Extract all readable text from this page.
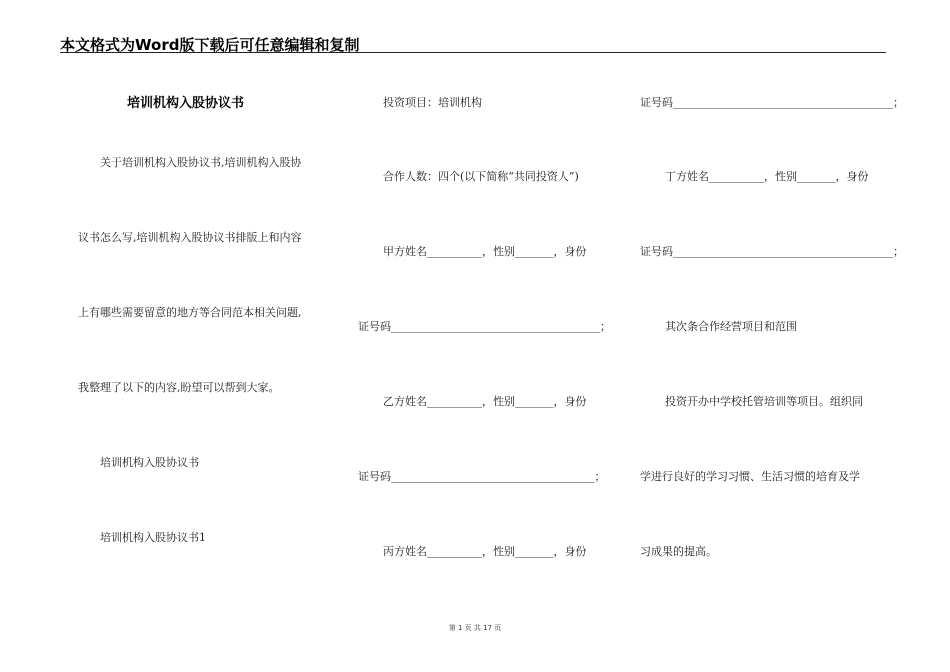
本文格式为Word版下载后可任意编辑和复制
培训机构入股协议书
关于培训机构入股协议书,培训机构入股协
议书怎么写,培训机构入股协议书排版上和内容
上有哪些需要留意的地方等合同范本相关问题,
我整理了以下的内容,盼望可以帮到大家。
培训机构入股协议书
培训机构入股协议书1
投资项目：培训机构
合作人数：四个(以下简称“共同投资人”)
甲方姓名__________，性别_______，身份
证号码______________________________________；
乙方姓名__________，性别_______，身份
证号码_____________________________________；
丙方姓名__________，性别_______，身份
证号码________________________________________；
丁方姓名__________，性别_______，身份
证号码________________________________________；
其次条合作经营项目和范围
投资开办中学校托管培训等项目。组织同
学进行良好的学习习惯、生活习惯的培育及学
习成果的提高。
第 1 页 共 17 页
